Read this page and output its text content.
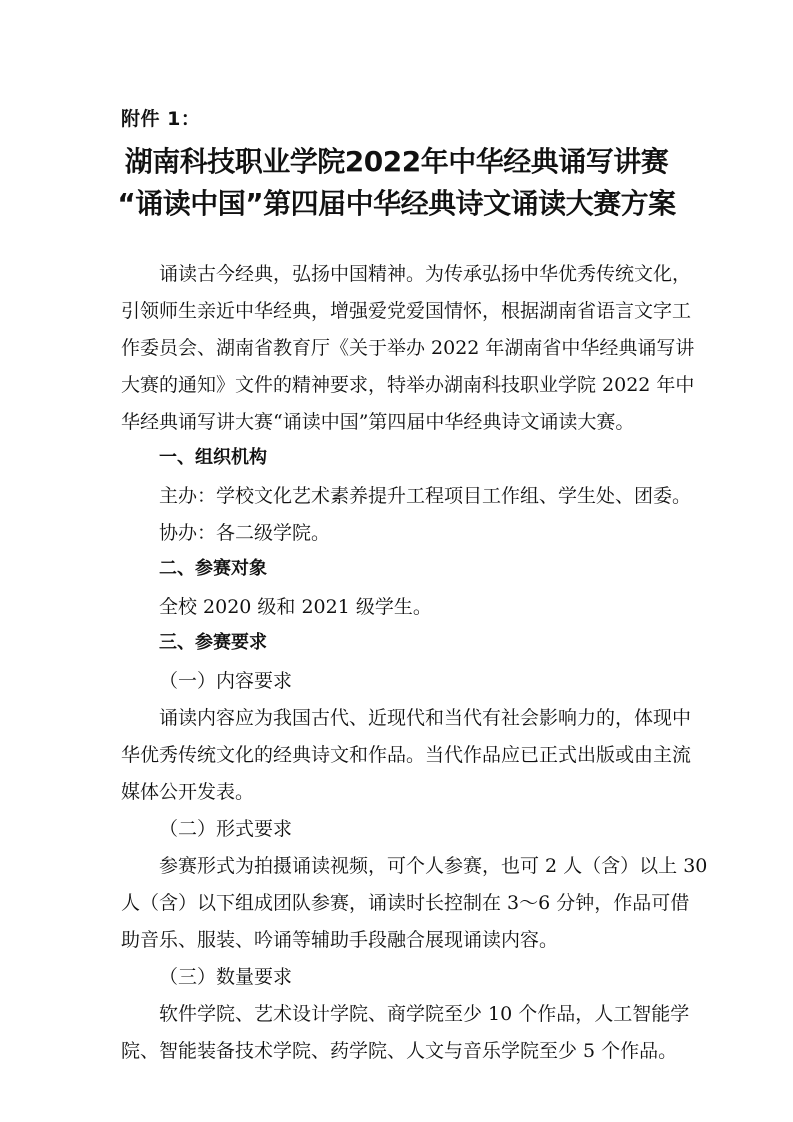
附件 1：
湖南科技职业学院2022年中华经典诵写讲赛
“诵读中国”第四届中华经典诗文诵读大赛方案
诵读古今经典，弘扬中国精神。为传承弘扬中华优秀传统文化，
引领师生亲近中华经典，增强爱党爱国情怀，根据湖南省语言文字工
作委员会、湖南省教育厅《关于举办 2022 年湖南省中华经典诵写讲
大赛的通知》文件的精神要求，特举办湖南科技职业学院 2022 年中
华经典诵写讲大赛“诵读中国”第四届中华经典诗文诵读大赛。
一、组织机构
主办：学校文化艺术素养提升工程项目工作组、学生处、团委。
协办：各二级学院。
二、参赛对象
全校 2020 级和 2021 级学生。
三、参赛要求
（一）内容要求
诵读内容应为我国古代、近现代和当代有社会影响力的，体现中
华优秀传统文化的经典诗文和作品。当代作品应已正式出版或由主流
媒体公开发表。
（二）形式要求
参赛形式为拍摄诵读视频，可个人参赛，也可 2 人（含）以上 30
人（含）以下组成团队参赛，诵读时长控制在 3～6 分钟，作品可借
助音乐、服装、吟诵等辅助手段融合展现诵读内容。
（三）数量要求
软件学院、艺术设计学院、商学院至少 10 个作品，人工智能学
院、智能装备技术学院、药学院、人文与音乐学院至少 5 个作品。
